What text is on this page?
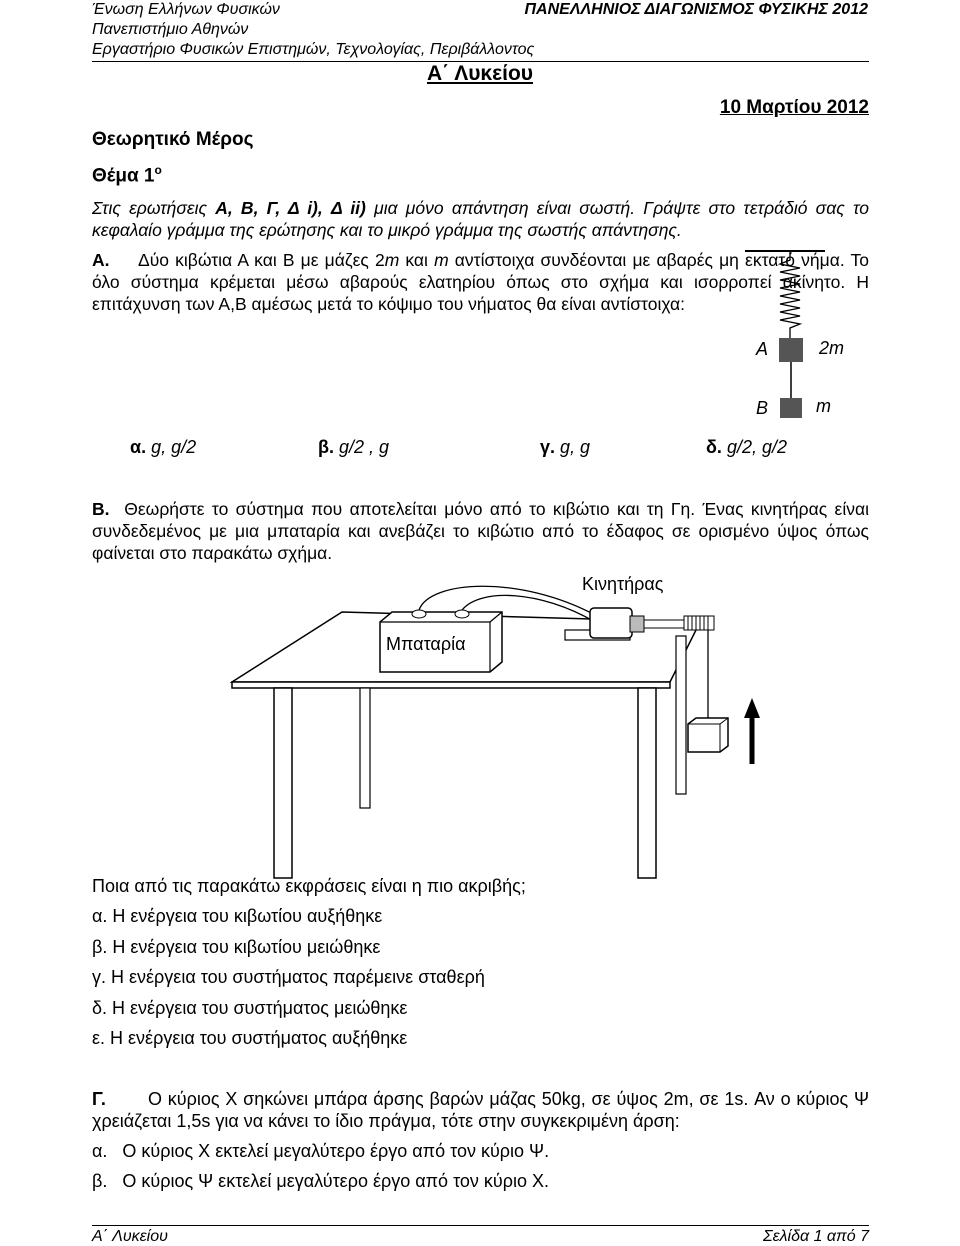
Ένωση Ελλήνων Φυσικών
Πανεπιστήμιο Αθηνών
Εργαστήριο Φυσικών Επιστημών, Τεχνολογίας, Περιβάλλοντος
ΠΑΝΕΛΛΗΝΙΟΣ ΔΙΑΓΩΝΙΣΜΟΣ ΦΥΣΙΚΗΣ 2012
Α΄ Λυκείου
10 Μαρτίου 2012
Θεωρητικό Μέρος
Θέμα $1^o$

Στις ερωτήσεις Α, Β, Γ, Δ i), Δ ii) μια μόνο απάντηση είναι σωστή. Γράψτε στο τετράδιό σας το κεφαλαίο γράμμα της ερώτησης και το μικρό γράμμα της σωστής απάντησης.

Α. Δύο κιβώτια Α και Β με μάζες 2m και m αντίστοιχα συνδέονται με αβαρές μη εκτατό νήμα. Το όλο σύστημα κρέμεται μέσω αβαρούς ελατηρίου όπως στο σχήμα και ισορροπεί ακίνητο. Η επιτάχυνση των Α,Β αμέσως μετά το κόψιμο του νήματος θα είναι αντίστοιχα:

A	2m
B	m
α. g, g/2	β. g/2 , g	γ. g, g	δ. g/2, g/2

Β. Θεωρήστε το σύστημα που αποτελείται μόνο από το κιβώτιο και τη Γη. Ένας κινητήρας είναι συνδεδεμένος με μια μπαταρία και ανεβάζει το κιβώτιο από το έδαφος σε ορισμένο ύψος όπως φαίνεται στο παρακάτω σχήμα.

Μπαταρία
Κινητήρας
Ποια από τις παρακάτω εκφράσεις είναι η πιο ακριβής;
α. Η ενέργεια του κιβωτίου αυξήθηκε
β. Η ενέργεια του κιβωτίου μειώθηκε
γ. Η ενέργεια του συστήματος παρέμεινε σταθερή
δ. Η ενέργεια του συστήματος μειώθηκε
ε. Η ενέργεια του συστήματος αυξήθηκε

Γ. Ο κύριος Χ σηκώνει μπάρα άρσης βαρών μάζας 50kg, σε ύψος 2m, σε 1s. Αν ο κύριος Ψ χρειάζεται 1,5s για να κάνει το ίδιο πράγμα, τότε στην συγκεκριμένη άρση:

α.   Ο κύριος Χ εκτελεί μεγαλύτερο έργο από τον κύριο Ψ.
β.   Ο κύριος Ψ εκτελεί μεγαλύτερο έργο από τον κύριο Χ.
Α΄ Λυκείου	Σελίδα 1 από 7
